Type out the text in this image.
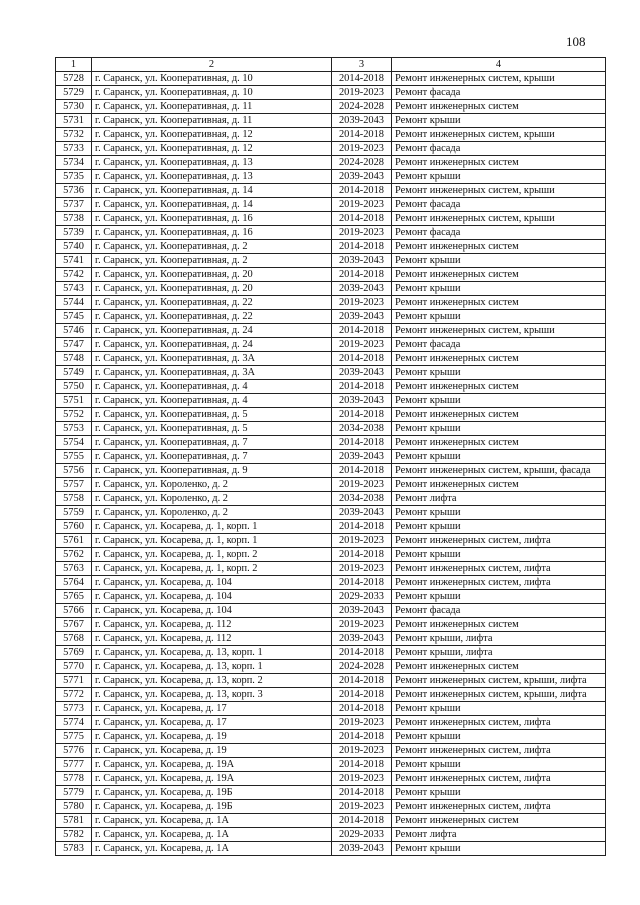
108
1	2	3	4
5728	г. Саранск, ул. Кооперативная, д. 10	2014-2018	Ремонт инженерных систем, крыши
5729	г. Саранск, ул. Кооперативная, д. 10	2019-2023	Ремонт фасада
5730	г. Саранск, ул. Кооперативная, д. 11	2024-2028	Ремонт инженерных систем
5731	г. Саранск, ул. Кооперативная, д. 11	2039-2043	Ремонт крыши
5732	г. Саранск, ул. Кооперативная, д. 12	2014-2018	Ремонт инженерных систем, крыши
5733	г. Саранск, ул. Кооперативная, д. 12	2019-2023	Ремонт фасада
5734	г. Саранск, ул. Кооперативная, д. 13	2024-2028	Ремонт инженерных систем
5735	г. Саранск, ул. Кооперативная, д. 13	2039-2043	Ремонт крыши
5736	г. Саранск, ул. Кооперативная, д. 14	2014-2018	Ремонт инженерных систем, крыши
5737	г. Саранск, ул. Кооперативная, д. 14	2019-2023	Ремонт фасада
5738	г. Саранск, ул. Кооперативная, д. 16	2014-2018	Ремонт инженерных систем, крыши
5739	г. Саранск, ул. Кооперативная, д. 16	2019-2023	Ремонт фасада
5740	г. Саранск, ул. Кооперативная, д. 2	2014-2018	Ремонт инженерных систем
5741	г. Саранск, ул. Кооперативная, д. 2	2039-2043	Ремонт крыши
5742	г. Саранск, ул. Кооперативная, д. 20	2014-2018	Ремонт инженерных систем
5743	г. Саранск, ул. Кооперативная, д. 20	2039-2043	Ремонт крыши
5744	г. Саранск, ул. Кооперативная, д. 22	2019-2023	Ремонт инженерных систем
5745	г. Саранск, ул. Кооперативная, д. 22	2039-2043	Ремонт крыши
5746	г. Саранск, ул. Кооперативная, д. 24	2014-2018	Ремонт инженерных систем, крыши
5747	г. Саранск, ул. Кооперативная, д. 24	2019-2023	Ремонт фасада
5748	г. Саранск, ул. Кооперативная, д. 3А	2014-2018	Ремонт инженерных систем
5749	г. Саранск, ул. Кооперативная, д. 3А	2039-2043	Ремонт крыши
5750	г. Саранск, ул. Кооперативная, д. 4	2014-2018	Ремонт инженерных систем
5751	г. Саранск, ул. Кооперативная, д. 4	2039-2043	Ремонт крыши
5752	г. Саранск, ул. Кооперативная, д. 5	2014-2018	Ремонт инженерных систем
5753	г. Саранск, ул. Кооперативная, д. 5	2034-2038	Ремонт крыши
5754	г. Саранск, ул. Кооперативная, д. 7	2014-2018	Ремонт инженерных систем
5755	г. Саранск, ул. Кооперативная, д. 7	2039-2043	Ремонт крыши
5756	г. Саранск, ул. Кооперативная, д. 9	2014-2018	Ремонт инженерных систем, крыши, фасада
5757	г. Саранск, ул. Короленко, д. 2	2019-2023	Ремонт инженерных систем
5758	г. Саранск, ул. Короленко, д. 2	2034-2038	Ремонт лифта
5759	г. Саранск, ул. Короленко, д. 2	2039-2043	Ремонт крыши
5760	г. Саранск, ул. Косарева, д. 1, корп. 1	2014-2018	Ремонт крыши
5761	г. Саранск, ул. Косарева, д. 1, корп. 1	2019-2023	Ремонт инженерных систем, лифта
5762	г. Саранск, ул. Косарева, д. 1, корп. 2	2014-2018	Ремонт крыши
5763	г. Саранск, ул. Косарева, д. 1, корп. 2	2019-2023	Ремонт инженерных систем, лифта
5764	г. Саранск, ул. Косарева, д. 104	2014-2018	Ремонт инженерных систем, лифта
5765	г. Саранск, ул. Косарева, д. 104	2029-2033	Ремонт крыши
5766	г. Саранск, ул. Косарева, д. 104	2039-2043	Ремонт фасада
5767	г. Саранск, ул. Косарева, д. 112	2019-2023	Ремонт инженерных систем
5768	г. Саранск, ул. Косарева, д. 112	2039-2043	Ремонт крыши, лифта
5769	г. Саранск, ул. Косарева, д. 13, корп. 1	2014-2018	Ремонт крыши, лифта
5770	г. Саранск, ул. Косарева, д. 13, корп. 1	2024-2028	Ремонт инженерных систем
5771	г. Саранск, ул. Косарева, д. 13, корп. 2	2014-2018	Ремонт инженерных систем, крыши, лифта
5772	г. Саранск, ул. Косарева, д. 13, корп. 3	2014-2018	Ремонт инженерных систем, крыши, лифта
5773	г. Саранск, ул. Косарева, д. 17	2014-2018	Ремонт крыши
5774	г. Саранск, ул. Косарева, д. 17	2019-2023	Ремонт инженерных систем, лифта
5775	г. Саранск, ул. Косарева, д. 19	2014-2018	Ремонт крыши
5776	г. Саранск, ул. Косарева, д. 19	2019-2023	Ремонт инженерных систем, лифта
5777	г. Саранск, ул. Косарева, д. 19А	2014-2018	Ремонт крыши
5778	г. Саранск, ул. Косарева, д. 19А	2019-2023	Ремонт инженерных систем, лифта
5779	г. Саранск, ул. Косарева, д. 19Б	2014-2018	Ремонт крыши
5780	г. Саранск, ул. Косарева, д. 19Б	2019-2023	Ремонт инженерных систем, лифта
5781	г. Саранск, ул. Косарева, д. 1А	2014-2018	Ремонт инженерных систем
5782	г. Саранск, ул. Косарева, д. 1А	2029-2033	Ремонт лифта
5783	г. Саранск, ул. Косарева, д. 1А	2039-2043	Ремонт крыши
